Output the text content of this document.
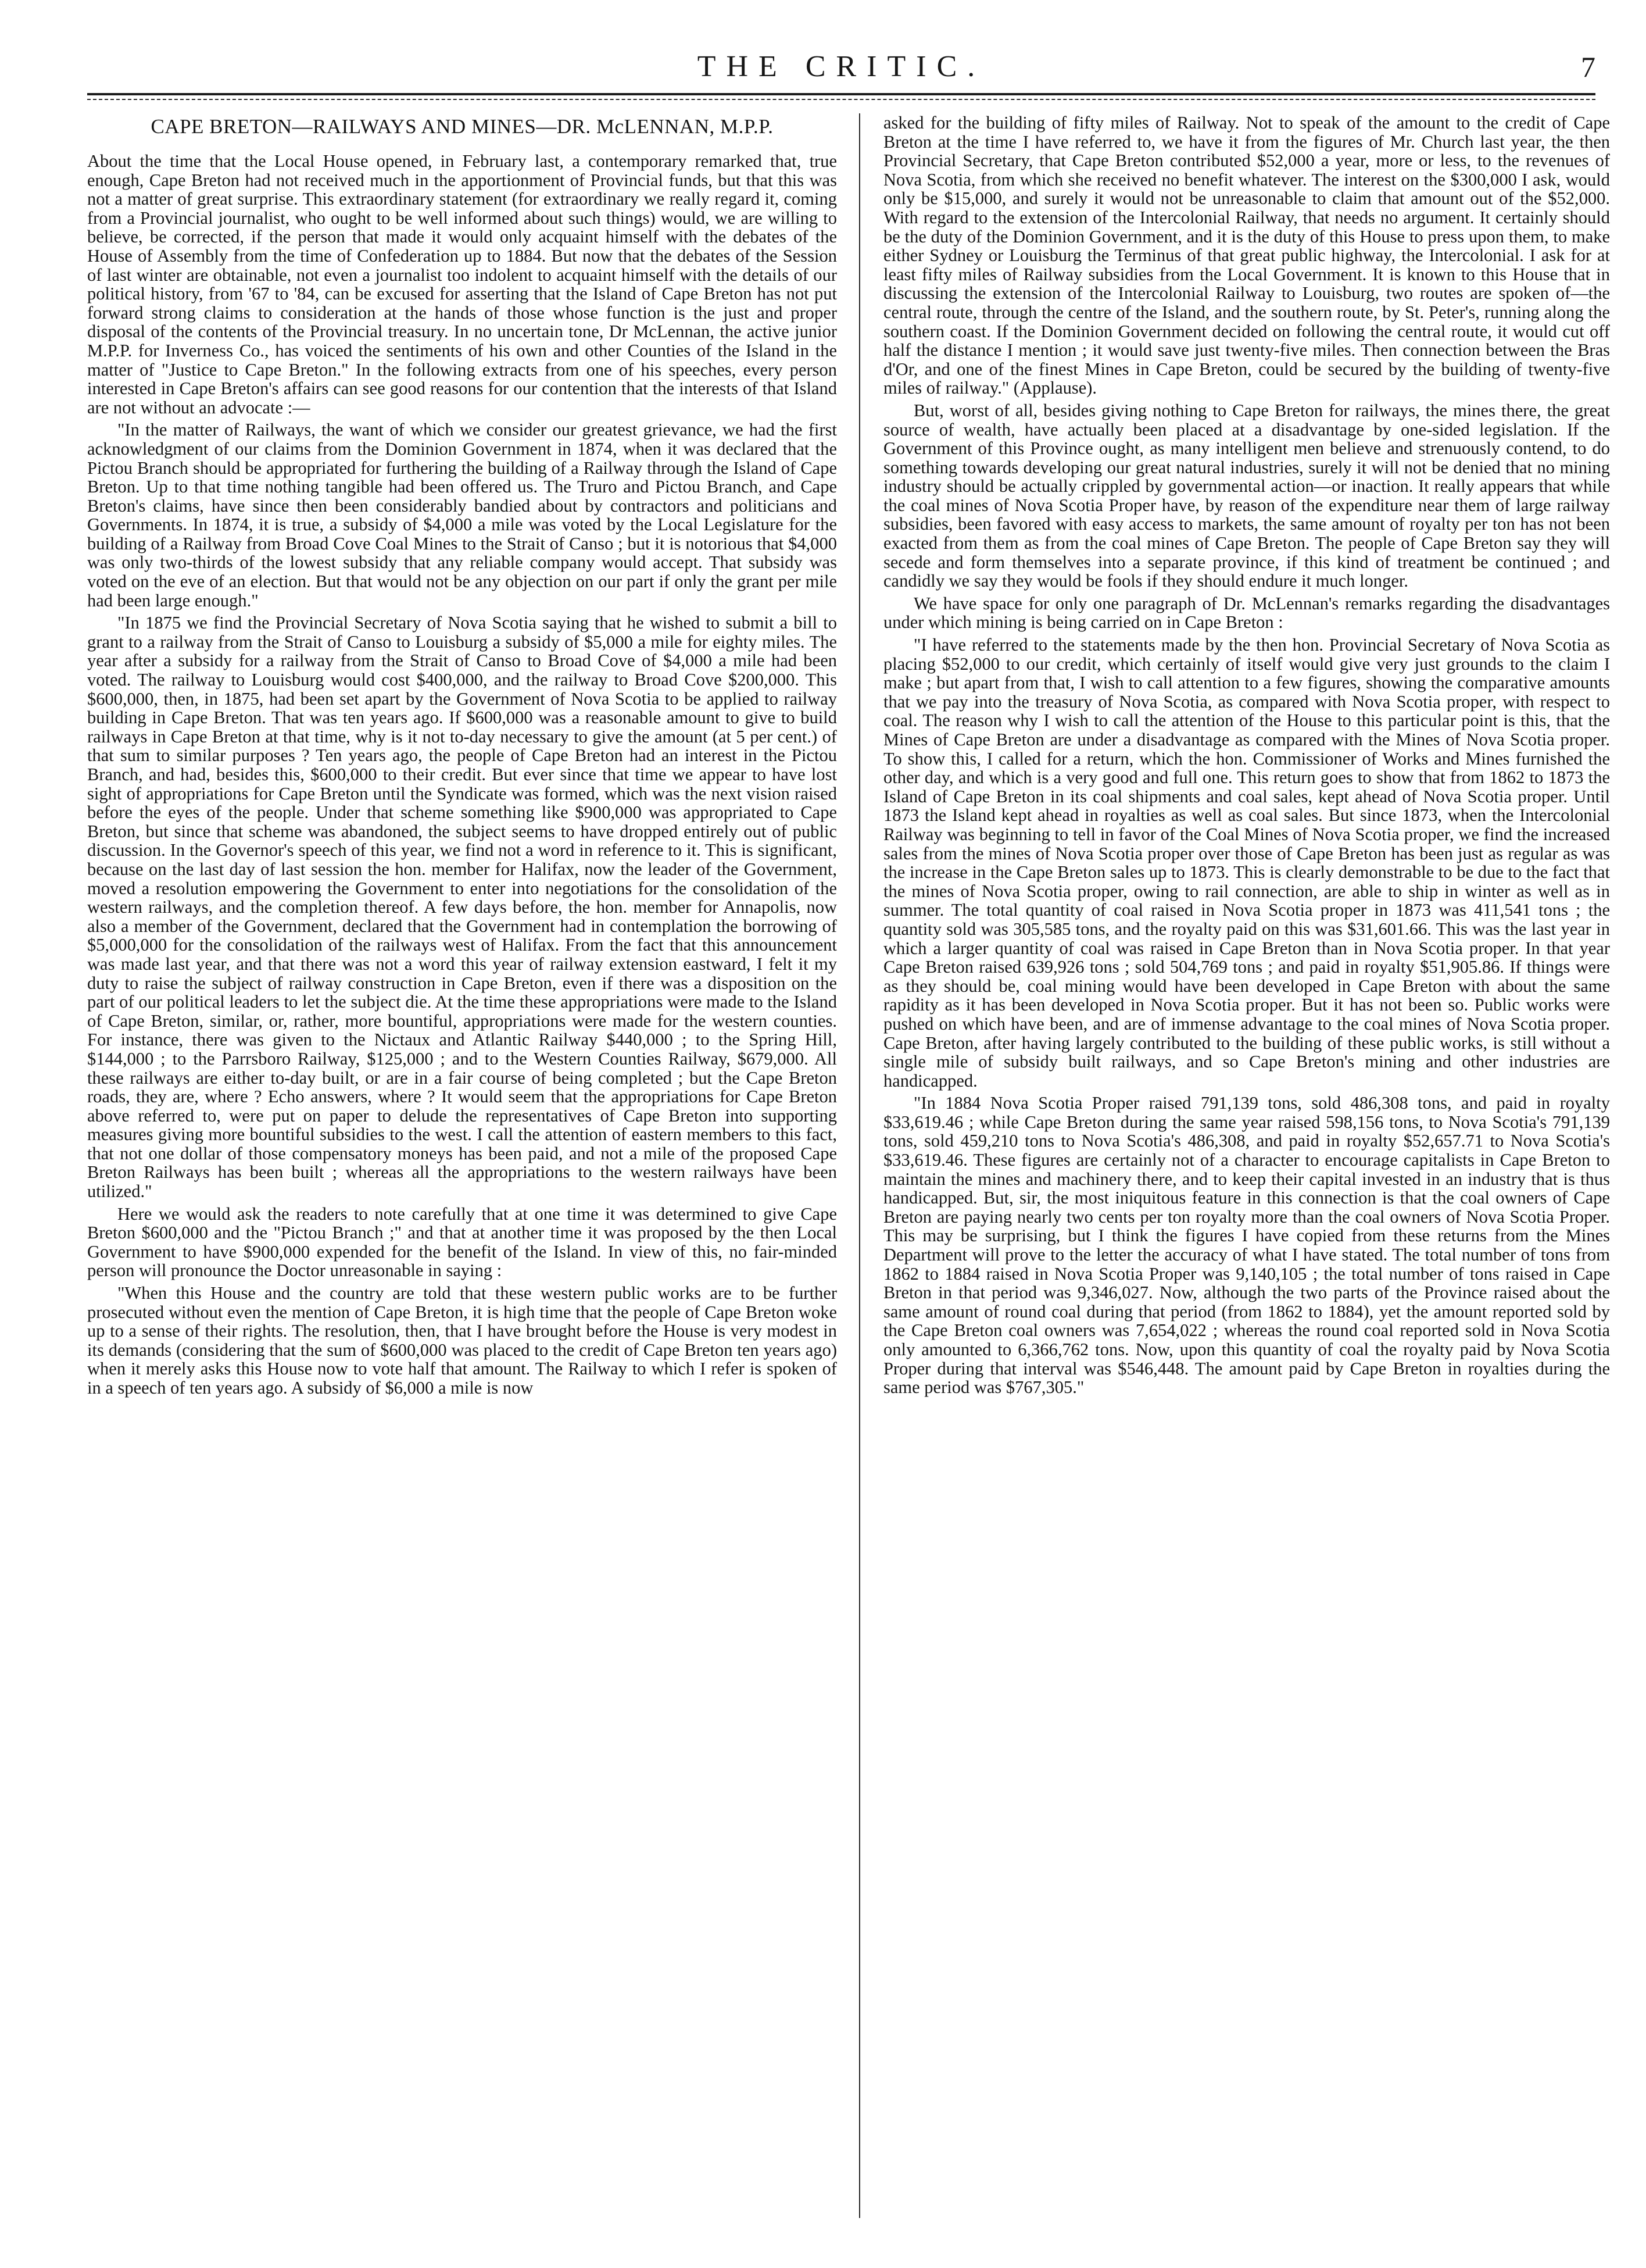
THE CRITIC.	7
CAPE BRETON—RAILWAYS AND MINES—DR. McLENNAN, M.P.P.

About the time that the Local House opened, in February last, a contemporary remarked that, true enough, Cape Breton had not received much in the apportionment of Provincial funds, but that this was not a matter of great surprise. This extraordinary statement (for extraordinary we really regard it, coming from a Provincial journalist, who ought to be well informed about such things) would, we are willing to believe, be corrected, if the person that made it would only acquaint himself with the debates of the House of Assembly from the time of Confederation up to 1884. But now that the debates of the Session of last winter are obtainable, not even a journalist too indolent to acquaint himself with the details of our political history, from '67 to '84, can be excused for asserting that the Island of Cape Breton has not put forward strong claims to consideration at the hands of those whose function is the just and proper disposal of the contents of the Provincial treasury. In no uncertain tone, Dr McLennan, the active junior M.P.P. for Inverness Co., has voiced the sentiments of his own and other Counties of the Island in the matter of "Justice to Cape Breton." In the following extracts from one of his speeches, every person interested in Cape Breton's affairs can see good reasons for our contention that the interests of that Island are not without an advocate :—

"In the matter of Railways, the want of which we consider our greatest grievance, we had the first acknowledgment of our claims from the Dominion Government in 1874, when it was declared that the Pictou Branch should be appropriated for furthering the building of a Railway through the Island of Cape Breton. Up to that time nothing tangible had been offered us. The Truro and Pictou Branch, and Cape Breton's claims, have since then been considerably bandied about by contractors and politicians and Governments. In 1874, it is true, a subsidy of $4,000 a mile was voted by the Local Legislature for the building of a Railway from Broad Cove Coal Mines to the Strait of Canso ; but it is notorious that $4,000 was only two-thirds of the lowest subsidy that any reliable company would accept. That subsidy was voted on the eve of an election. But that would not be any objection on our part if only the grant per mile had been large enough."

"In 1875 we find the Provincial Secretary of Nova Scotia saying that he wished to submit a bill to grant to a railway from the Strait of Canso to Louisburg a subsidy of $5,000 a mile for eighty miles. The year after a subsidy for a railway from the Strait of Canso to Broad Cove of $4,000 a mile had been voted. The railway to Louisburg would cost $400,000, and the railway to Broad Cove $200,000. This $600,000, then, in 1875, had been set apart by the Government of Nova Scotia to be applied to railway building in Cape Breton. That was ten years ago. If $600,000 was a reasonable amount to give to build railways in Cape Breton at that time, why is it not to-day necessary to give the amount (at 5 per cent.) of that sum to similar purposes ? Ten years ago, the people of Cape Breton had an interest in the Pictou Branch, and had, besides this, $600,000 to their credit. But ever since that time we appear to have lost sight of appropriations for Cape Breton until the Syndicate was formed, which was the next vision raised before the eyes of the people. Under that scheme something like $900,000 was appropriated to Cape Breton, but since that scheme was abandoned, the subject seems to have dropped entirely out of public discussion. In the Governor's speech of this year, we find not a word in reference to it. This is significant, because on the last day of last session the hon. member for Halifax, now the leader of the Government, moved a resolution empowering the Government to enter into negotiations for the consolidation of the western railways, and the completion thereof. A few days before, the hon. member for Annapolis, now also a member of the Government, declared that the Government had in contemplation the borrowing of $5,000,000 for the consolidation of the railways west of Halifax. From the fact that this announcement was made last year, and that there was not a word this year of railway extension eastward, I felt it my duty to raise the subject of railway construction in Cape Breton, even if there was a disposition on the part of our political leaders to let the subject die. At the time these appropriations were made to the Island of Cape Breton, similar, or, rather, more bountiful, appropriations were made for the western counties. For instance, there was given to the Nictaux and Atlantic Railway $440,000 ; to the Spring Hill, $144,000 ; to the Parrsboro Railway, $125,000 ; and to the Western Counties Railway, $679,000. All these railways are either to-day built, or are in a fair course of being completed ; but the Cape Breton roads, they are, where ? Echo answers, where ? It would seem that the appropriations for Cape Breton above referred to, were put on paper to delude the representatives of Cape Breton into supporting measures giving more bountiful subsidies to the west. I call the attention of eastern members to this fact, that not one dollar of those compensatory moneys has been paid, and not a mile of the proposed Cape Breton Railways has been built ; whereas all the appropriations to the western railways have been utilized."

Here we would ask the readers to note carefully that at one time it was determined to give Cape Breton $600,000 and the "Pictou Branch ;" and that at another time it was proposed by the then Local Government to have $900,000 expended for the benefit of the Island. In view of this, no fair-minded person will pronounce the Doctor unreasonable in saying :

"When this House and the country are told that these western public works are to be further prosecuted without even the mention of Cape Breton, it is high time that the people of Cape Breton woke up to a sense of their rights. The resolution, then, that I have brought before the House is very modest in its demands (considering that the sum of $600,000 was placed to the credit of Cape Breton ten years ago) when it merely asks this House now to vote half that amount. The Railway to which I refer is spoken of in a speech of ten years ago. A subsidy of $6,000 a mile is now

asked for the building of fifty miles of Railway. Not to speak of the amount to the credit of Cape Breton at the time I have referred to, we have it from the figures of Mr. Church last year, the then Provincial Secretary, that Cape Breton contributed $52,000 a year, more or less, to the revenues of Nova Scotia, from which she received no benefit whatever. The interest on the $300,000 I ask, would only be $15,000, and surely it would not be unreasonable to claim that amount out of the $52,000. With regard to the extension of the Intercolonial Railway, that needs no argument. It certainly should be the duty of the Dominion Government, and it is the duty of this House to press upon them, to make either Sydney or Louisburg the Terminus of that great public highway, the Intercolonial. I ask for at least fifty miles of Railway subsidies from the Local Government. It is known to this House that in discussing the extension of the Intercolonial Railway to Louisburg, two routes are spoken of—the central route, through the centre of the Island, and the southern route, by St. Peter's, running along the southern coast. If the Dominion Government decided on following the central route, it would cut off half the distance I mention ; it would save just twenty-five miles. Then connection between the Bras d'Or, and one of the finest Mines in Cape Breton, could be secured by the building of twenty-five miles of railway." (Applause).

But, worst of all, besides giving nothing to Cape Breton for railways, the mines there, the great source of wealth, have actually been placed at a disadvantage by one-sided legislation. If the Government of this Province ought, as many intelligent men believe and strenuously contend, to do something towards developing our great natural industries, surely it will not be denied that no mining industry should be actually crippled by governmental action—or inaction. It really appears that while the coal mines of Nova Scotia Proper have, by reason of the expenditure near them of large railway subsidies, been favored with easy access to markets, the same amount of royalty per ton has not been exacted from them as from the coal mines of Cape Breton. The people of Cape Breton say they will secede and form themselves into a separate province, if this kind of treatment be continued ; and candidly we say they would be fools if they should endure it much longer.

We have space for only one paragraph of Dr. McLennan's remarks regarding the disadvantages under which mining is being carried on in Cape Breton :

"I have referred to the statements made by the then hon. Provincial Secretary of Nova Scotia as placing $52,000 to our credit, which certainly of itself would give very just grounds to the claim I make ; but apart from that, I wish to call attention to a few figures, showing the comparative amounts that we pay into the treasury of Nova Scotia, as compared with Nova Scotia proper, with respect to coal. The reason why I wish to call the attention of the House to this particular point is this, that the Mines of Cape Breton are under a disadvantage as compared with the Mines of Nova Scotia proper. To show this, I called for a return, which the hon. Commissioner of Works and Mines furnished the other day, and which is a very good and full one. This return goes to show that from 1862 to 1873 the Island of Cape Breton in its coal shipments and coal sales, kept ahead of Nova Scotia proper. Until 1873 the Island kept ahead in royalties as well as coal sales. But since 1873, when the Intercolonial Railway was beginning to tell in favor of the Coal Mines of Nova Scotia proper, we find the increased sales from the mines of Nova Scotia proper over those of Cape Breton has been just as regular as was the increase in the Cape Breton sales up to 1873. This is clearly demonstrable to be due to the fact that the mines of Nova Scotia proper, owing to rail connection, are able to ship in winter as well as in summer. The total quantity of coal raised in Nova Scotia proper in 1873 was 411,541 tons ; the quantity sold was 305,585 tons, and the royalty paid on this was $31,601.66. This was the last year in which a larger quantity of coal was raised in Cape Breton than in Nova Scotia proper. In that year Cape Breton raised 639,926 tons ; sold 504,769 tons ; and paid in royalty $51,905.86. If things were as they should be, coal mining would have been developed in Cape Breton with about the same rapidity as it has been developed in Nova Scotia proper. But it has not been so. Public works were pushed on which have been, and are of immense advantage to the coal mines of Nova Scotia proper. Cape Breton, after having largely contributed to the building of these public works, is still without a single mile of subsidy built railways, and so Cape Breton's mining and other industries are handicapped.

"In 1884 Nova Scotia Proper raised 791,139 tons, sold 486,308 tons, and paid in royalty $33,619.46 ; while Cape Breton during the same year raised 598,156 tons, to Nova Scotia's 791,139 tons, sold 459,210 tons to Nova Scotia's 486,308, and paid in royalty $52,657.71 to Nova Scotia's $33,619.46. These figures are certainly not of a character to encourage capitalists in Cape Breton to maintain the mines and machinery there, and to keep their capital invested in an industry that is thus handicapped. But, sir, the most iniquitous feature in this connection is that the coal owners of Cape Breton are paying nearly two cents per ton royalty more than the coal owners of Nova Scotia Proper. This may be surprising, but I think the figures I have copied from these returns from the Mines Department will prove to the letter the accuracy of what I have stated. The total number of tons from 1862 to 1884 raised in Nova Scotia Proper was 9,140,105 ; the total number of tons raised in Cape Breton in that period was 9,346,027. Now, although the two parts of the Province raised about the same amount of round coal during that period (from 1862 to 1884), yet the amount reported sold by the Cape Breton coal owners was 7,654,022 ; whereas the round coal reported sold in Nova Scotia only amounted to 6,366,762 tons. Now, upon this quantity of coal the royalty paid by Nova Scotia Proper during that interval was $546,448. The amount paid by Cape Breton in royalties during the same period was $767,305."
